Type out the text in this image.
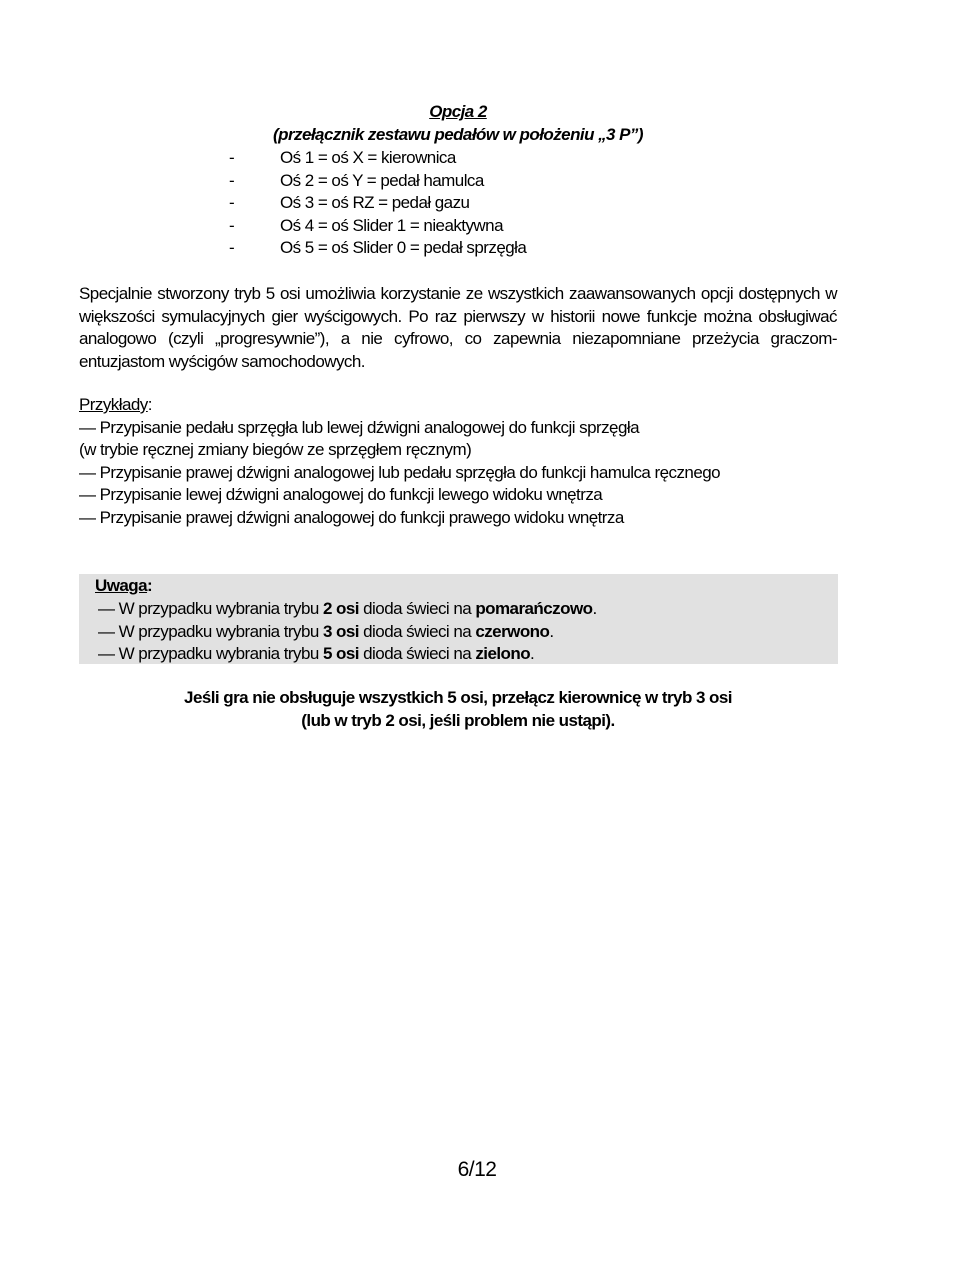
Opcja 2
(przełącznik zestawu pedałów w położeniu „3 P”)
-	Oś 1 = oś X = kierownica
-	Oś 2 = oś Y = pedał hamulca
-	Oś 3 = oś RZ = pedał gazu
-	Oś 4 = oś Slider 1 = nieaktywna
-	Oś 5 = oś Slider 0 = pedał sprzęgła
Specjalnie stworzony tryb 5 osi umożliwia korzystanie ze wszystkich zaawansowanych opcji dostępnych w większości symulacyjnych gier wyścigowych. Po raz pierwszy w historii nowe funkcje można obsługiwać analogowo (czyli „progresywnie”), a nie cyfrowo, co zapewnia niezapomniane przeżycia graczom-entuzjastom wyścigów samochodowych.
Przykłady:
— Przypisanie pedału sprzęgła lub lewej dźwigni analogowej do funkcji sprzęgła
(w trybie ręcznej zmiany biegów ze sprzęgłem ręcznym)
— Przypisanie prawej dźwigni analogowej lub pedału sprzęgła do funkcji hamulca ręcznego
— Przypisanie lewej dźwigni analogowej do funkcji lewego widoku wnętrza
— Przypisanie prawej dźwigni analogowej do funkcji prawego widoku wnętrza
Uwaga:
— W przypadku wybrania trybu 2 osi dioda świeci na pomarańczowo.
— W przypadku wybrania trybu 3 osi dioda świeci na czerwono.
— W przypadku wybrania trybu 5 osi dioda świeci na zielono.
Jeśli gra nie obsługuje wszystkich 5 osi, przełącz kierownicę w tryb 3 osi
(lub w tryb 2 osi, jeśli problem nie ustąpi).
6/12
